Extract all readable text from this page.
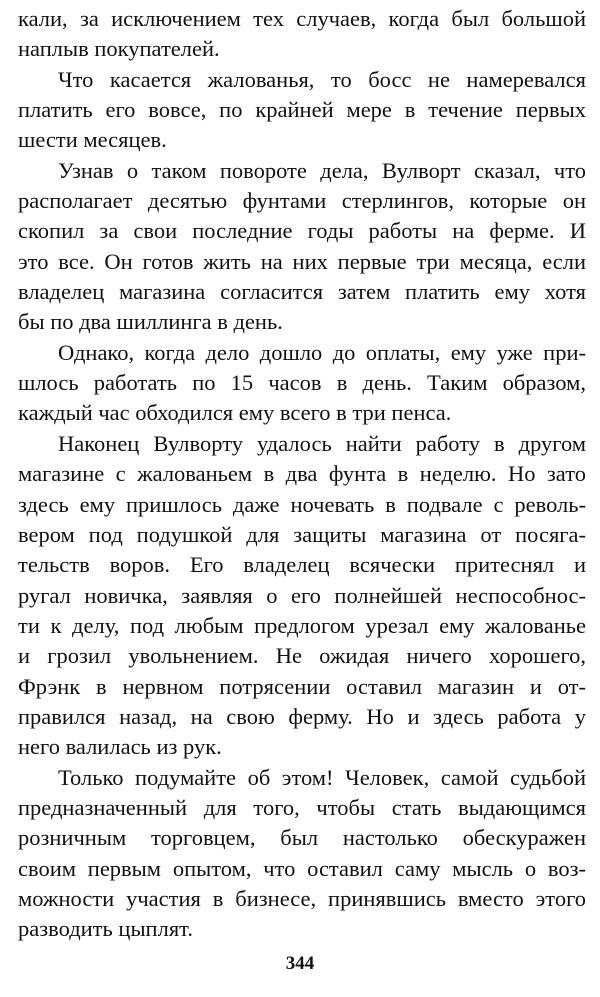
кали, за исключением тех случаев, когда был большой
наплыв покупателей.
Что касается жалованья, то босс не намеревался
платить его вовсе, по крайней мере в течение первых
шести месяцев.
Узнав о таком повороте дела, Вулворт сказал, что
располагает десятью фунтами стерлингов, которые он
скопил за свои последние годы работы на ферме. И
это все. Он готов жить на них первые три месяца, если
владелец магазина согласится затем платить ему хотя
бы по два шиллинга в день.
Однако, когда дело дошло до оплаты, ему уже при-
шлось работать по 15 часов в день. Таким образом,
каждый час обходился ему всего в три пенса.
Наконец Вулворту удалось найти работу в другом
магазине с жалованьем в два фунта в неделю. Но зато
здесь ему пришлось даже ночевать в подвале с револь-
вером под подушкой для защиты магазина от посяга-
тельств воров. Его владелец всячески притеснял и
ругал новичка, заявляя о его полнейшей неспособнос-
ти к делу, под любым предлогом урезал ему жалованье
и грозил увольнением. Не ожидая ничего хорошего,
Фрэнк в нервном потрясении оставил магазин и от-
правился назад, на свою ферму. Но и здесь работа у
него валилась из рук.
Только подумайте об этом! Человек, самой судьбой
предназначенный для того, чтобы стать выдающимся
розничным торговцем, был настолько обескуражен
своим первым опытом, что оставил саму мысль о воз-
можности участия в бизнесе, принявшись вместо этого
разводить цыплят.
344
